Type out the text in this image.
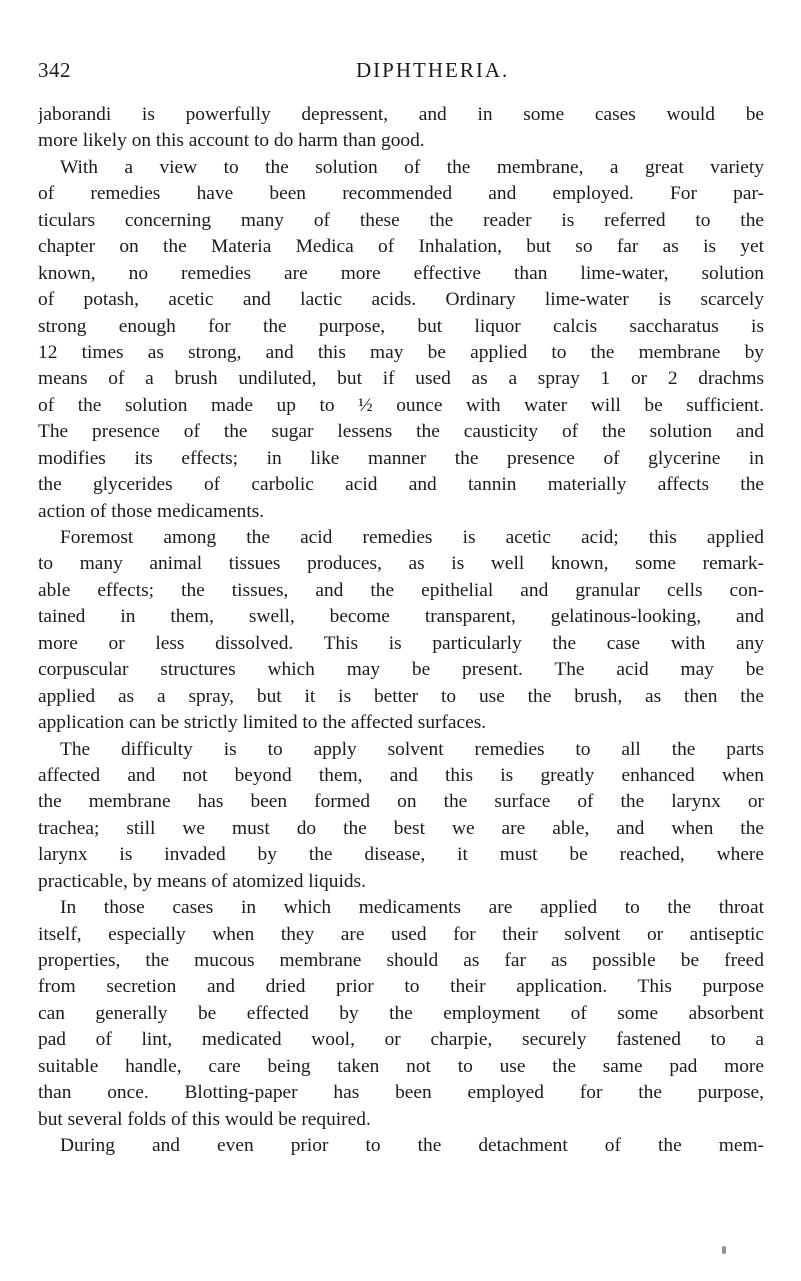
342	DIPHTHERIA.
jaborandi is powerfully depressent, and in some cases would be
more likely on this account to do harm than good.
With a view to the solution of the membrane, a great variety
of remedies have been recommended and employed. For par-
ticulars concerning many of these the reader is referred to the
chapter on the Materia Medica of Inhalation, but so far as is yet
known, no remedies are more effective than lime-water, solution
of potash, acetic and lactic acids. Ordinary lime-water is scarcely
strong enough for the purpose, but liquor calcis saccharatus is
12 times as strong, and this may be applied to the membrane by
means of a brush undiluted, but if used as a spray 1 or 2 drachms
of the solution made up to ½ ounce with water will be sufficient.
The presence of the sugar lessens the causticity of the solution and
modifies its effects; in like manner the presence of glycerine in
the glycerides of carbolic acid and tannin materially affects the
action of those medicaments.
Foremost among the acid remedies is acetic acid; this applied
to many animal tissues produces, as is well known, some remark-
able effects; the tissues, and the epithelial and granular cells con-
tained in them, swell, become transparent, gelatinous-looking, and
more or less dissolved. This is particularly the case with any
corpuscular structures which may be present. The acid may be
applied as a spray, but it is better to use the brush, as then the
application can be strictly limited to the affected surfaces.
The difficulty is to apply solvent remedies to all the parts
affected and not beyond them, and this is greatly enhanced when
the membrane has been formed on the surface of the larynx or
trachea; still we must do the best we are able, and when the
larynx is invaded by the disease, it must be reached, where
practicable, by means of atomized liquids.
In those cases in which medicaments are applied to the throat
itself, especially when they are used for their solvent or antiseptic
properties, the mucous membrane should as far as possible be freed
from secretion and dried prior to their application. This purpose
can generally be effected by the employment of some absorbent
pad of lint, medicated wool, or charpie, securely fastened to a
suitable handle, care being taken not to use the same pad more
than once. Blotting-paper has been employed for the purpose,
but several folds of this would be required.
During and even prior to the detachment of the mem-
